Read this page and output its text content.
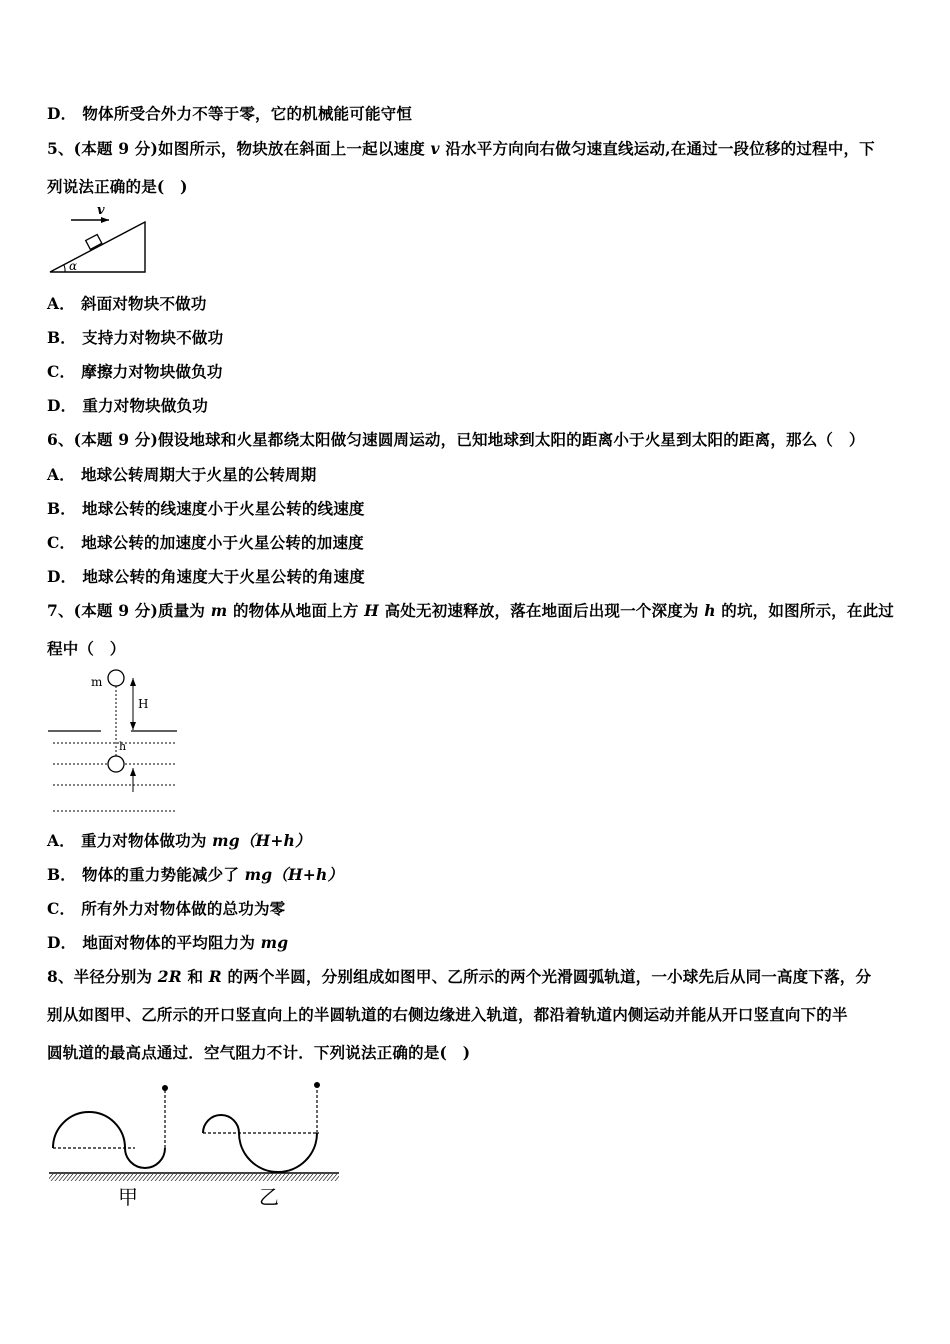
D． 物体所受合外力不等于零，它的机械能可能守恒
5、(本题 9 分)如图所示，物块放在斜面上一起以速度 v 沿水平方向向右做匀速直线运动,在通过一段位移的过程中，下
列说法正确的是(　)
v
α
A． 斜面对物块不做功
B． 支持力对物块不做功
C． 摩擦力对物块做负功
D． 重力对物块做负功
6、(本题 9 分)假设地球和火星都绕太阳做匀速圆周运动，已知地球到太阳的距离小于火星到太阳的距离，那么（　）
A． 地球公转周期大于火星的公转周期
B． 地球公转的线速度小于火星公转的线速度
C． 地球公转的加速度小于火星公转的加速度
D． 地球公转的角速度大于火星公转的角速度
7、(本题 9 分)质量为 m 的物体从地面上方 H 高处无初速释放，落在地面后出现一个深度为 h 的坑，如图所示，在此过
程中（　）
m
H
h
A． 重力对物体做功为 mg（H+h）
B． 物体的重力势能减少了 mg（H+h）
C． 所有外力对物体做的总功为零
D． 地面对物体的平均阻力为 mg
8、半径分别为 2R 和 R 的两个半圆，分别组成如图甲、乙所示的两个光滑圆弧轨道，一小球先后从同一高度下落，分
别从如图甲、乙所示的开口竖直向上的半圆轨道的右侧边缘进入轨道，都沿着轨道内侧运动并能从开口竖直向下的半
圆轨道的最高点通过．空气阻力不计．下列说法正确的是(　)
甲	乙
